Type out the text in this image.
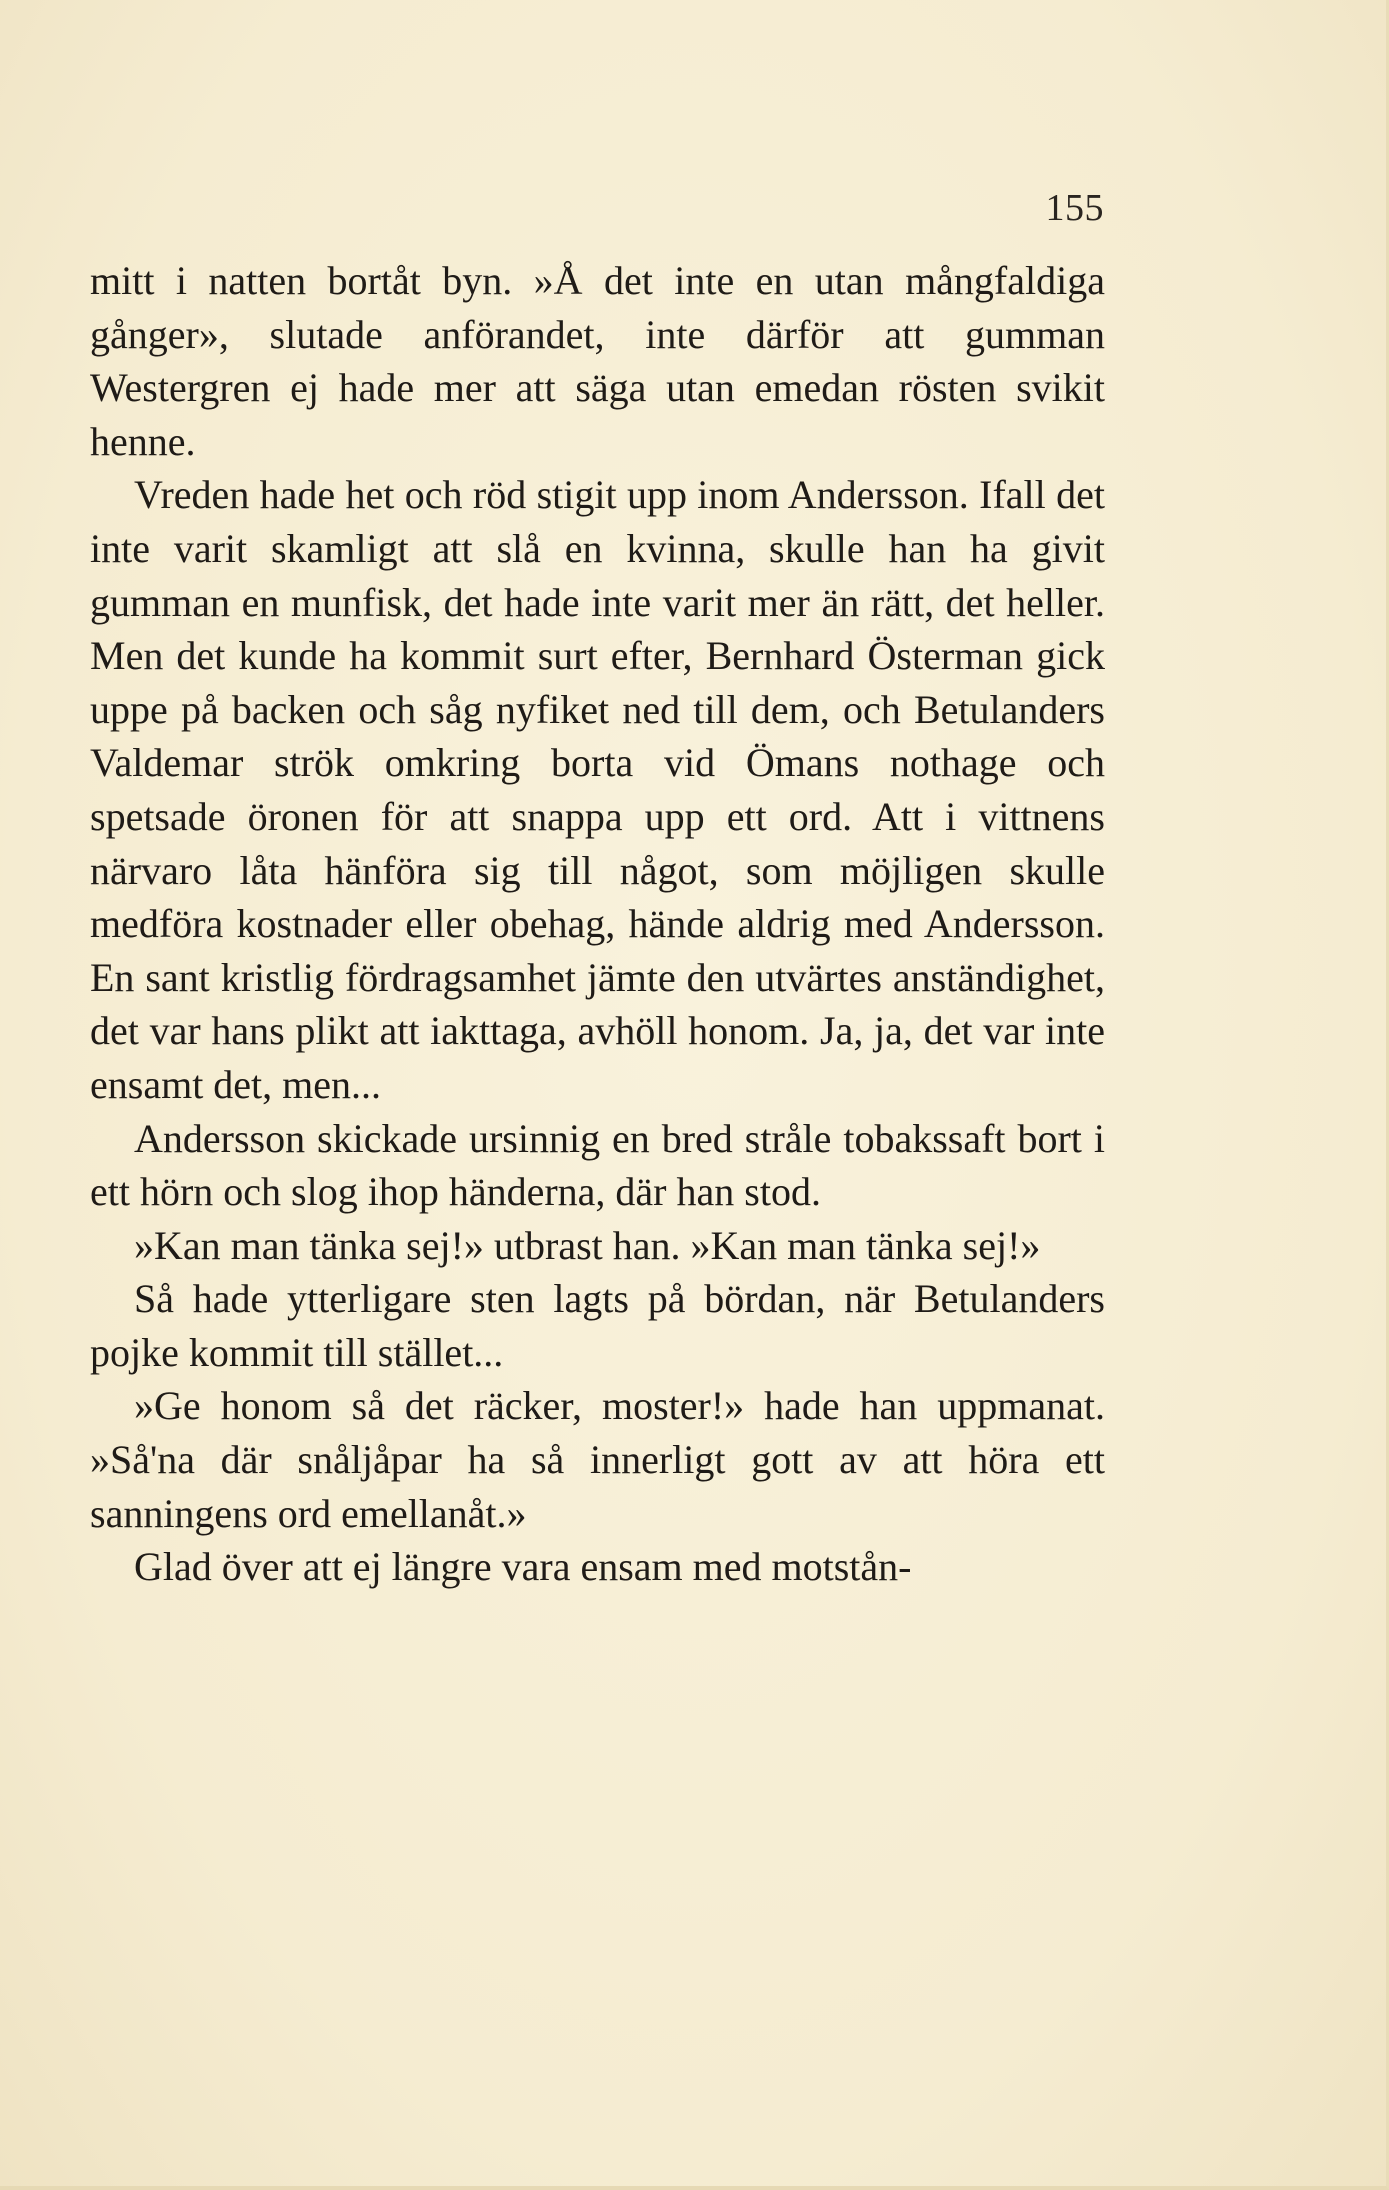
155

mitt i natten bortåt byn. »Å det inte en utan mångfaldiga gånger», slutade anförandet, inte därför att gumman Westergren ej hade mer att säga utan emedan rösten svikit henne.

Vreden hade het och röd stigit upp inom Andersson. Ifall det inte varit skamligt att slå en kvinna, skulle han ha givit gumman en munfisk, det hade inte varit mer än rätt, det heller. Men det kunde ha kommit surt efter, Bernhard Österman gick uppe på backen och såg nyfiket ned till dem, och Betulanders Valdemar strök omkring borta vid Ömans nothage och spetsade öronen för att snappa upp ett ord. Att i vittnens närvaro låta hänföra sig till något, som möjligen skulle medföra kostnader eller obehag, hände aldrig med Andersson. En sant kristlig fördragsamhet jämte den utvärtes anständighet, det var hans plikt att iakttaga, avhöll honom. Ja, ja, det var inte ensamt det, men...

Andersson skickade ursinnig en bred stråle tobakssaft bort i ett hörn och slog ihop händerna, där han stod.

»Kan man tänka sej!» utbrast han. »Kan man tänka sej!»

Så hade ytterligare sten lagts på bördan, när Betulanders pojke kommit till stället...

»Ge honom så det räcker, moster!» hade han uppmanat. »Så'na där snåljåpar ha så innerligt gott av att höra ett sanningens ord emellanåt.»

Glad över att ej längre vara ensam med motstån-
